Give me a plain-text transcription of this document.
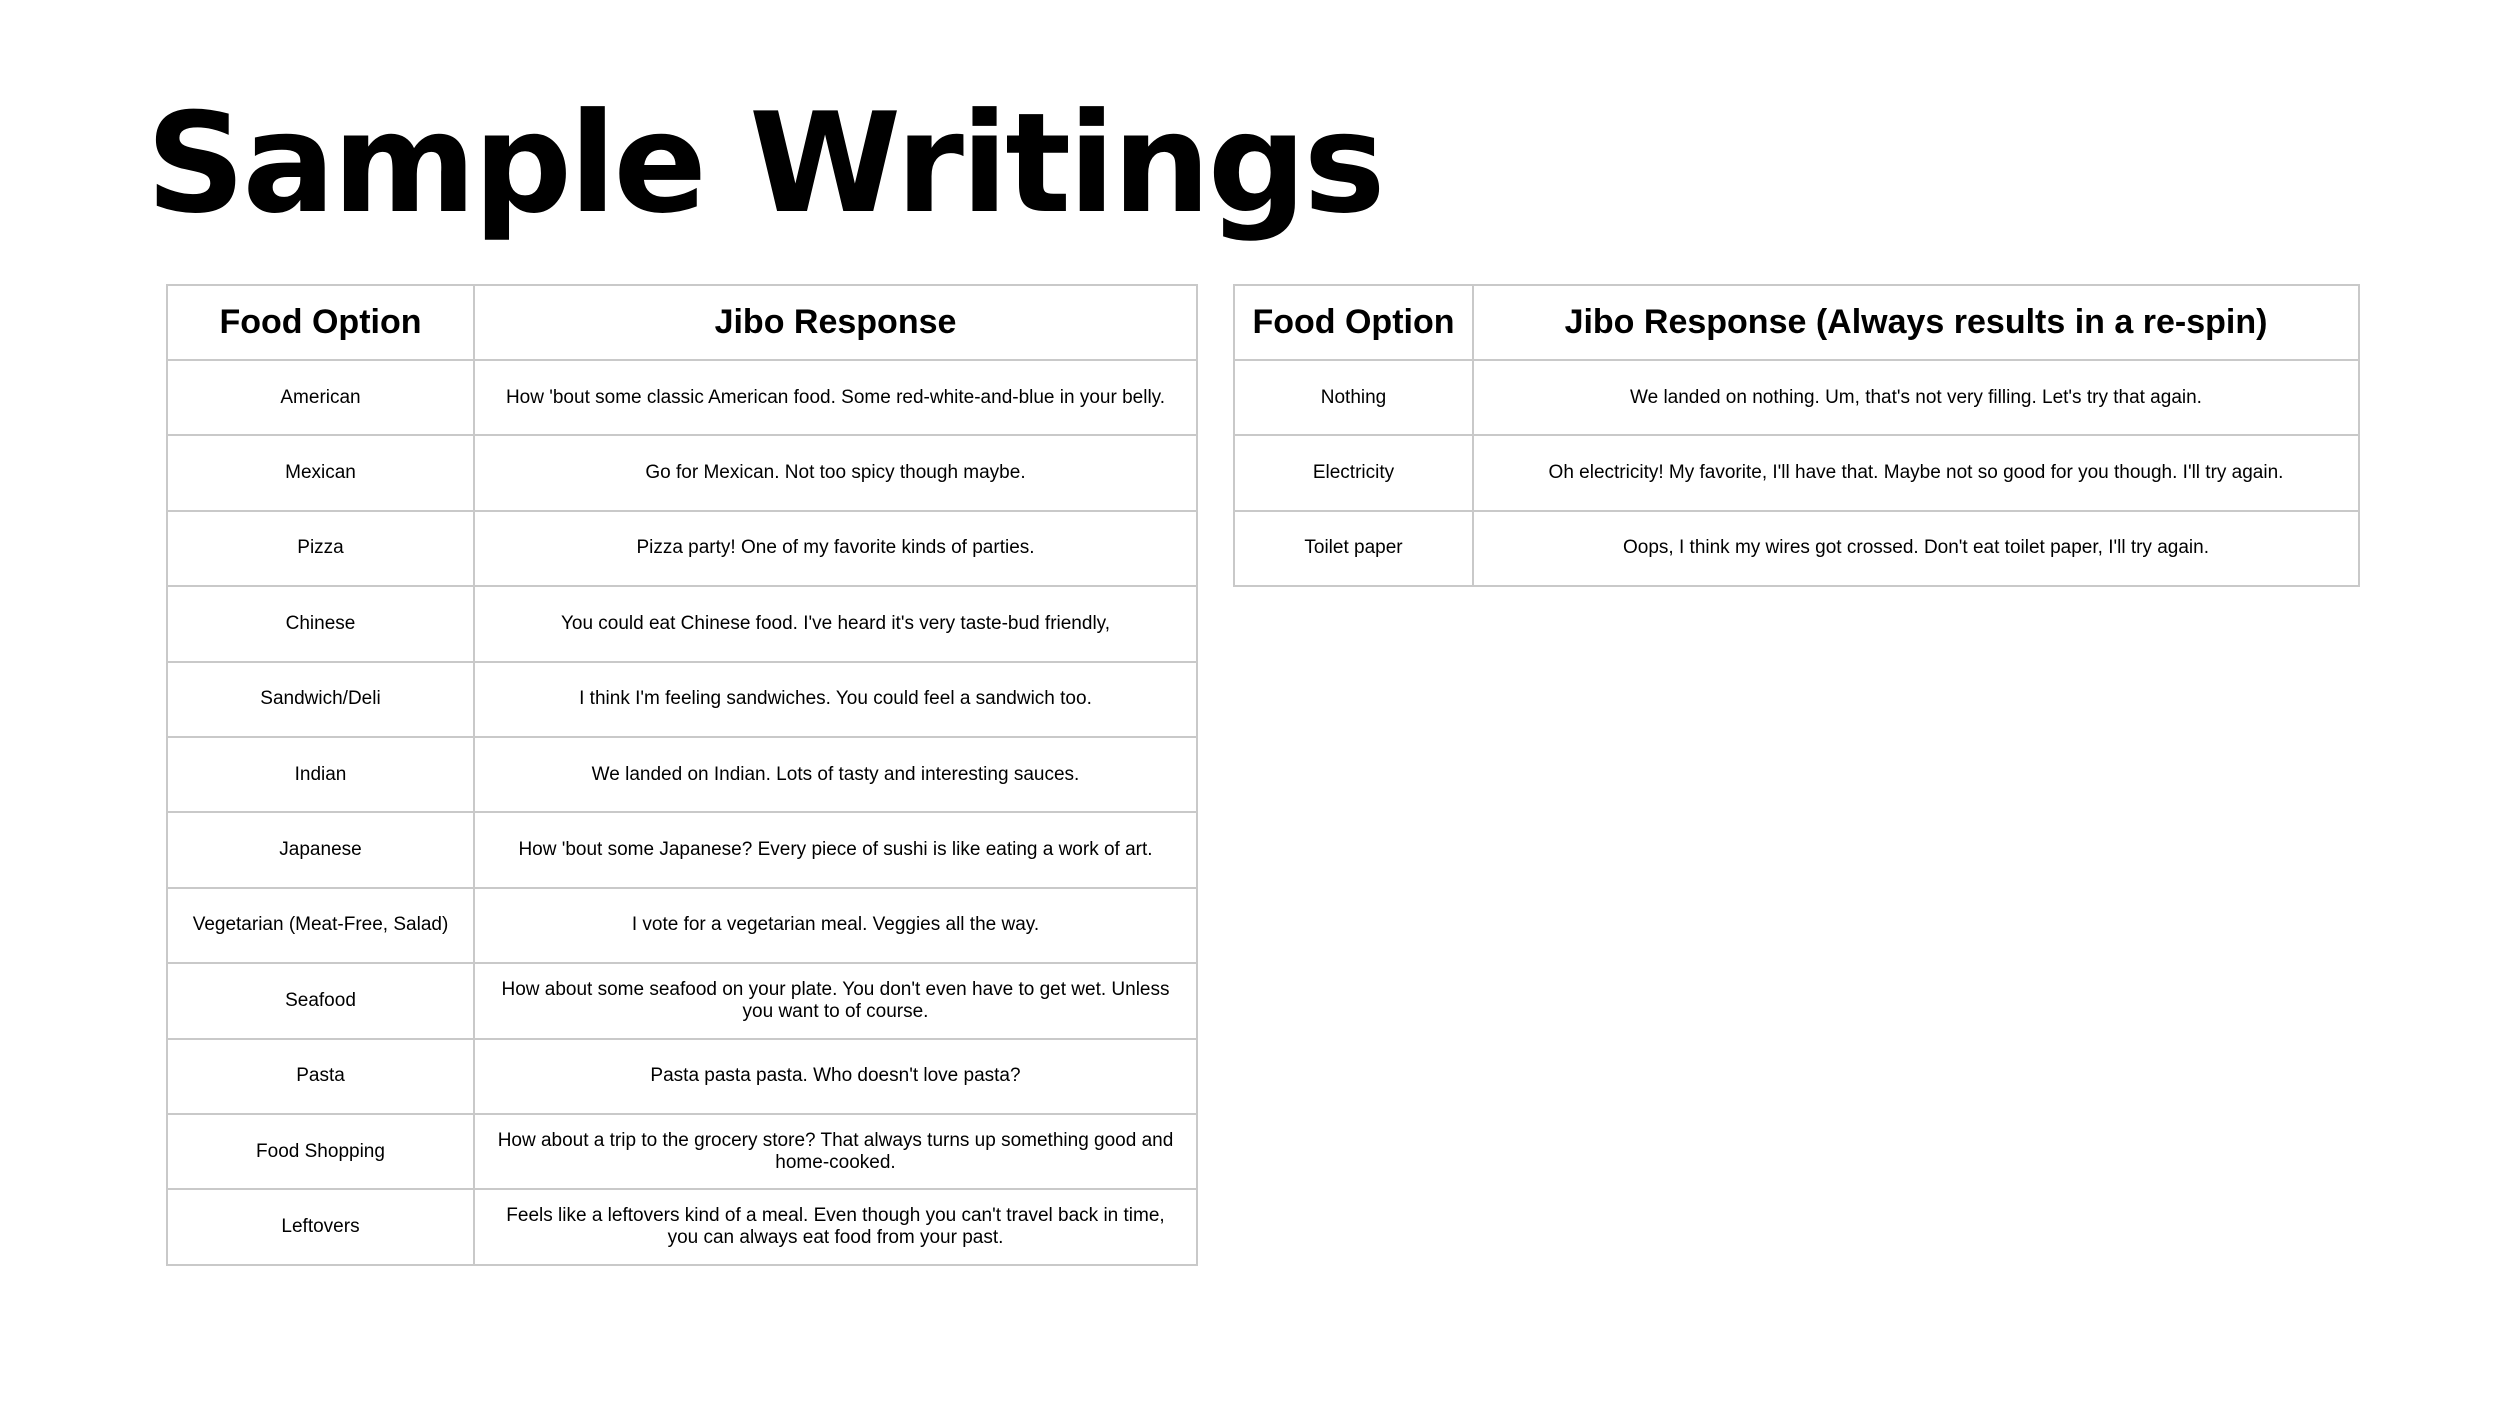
Sample Writings
Food Option	Jibo Response
American	How 'bout some classic American food. Some red-white-and-blue in your belly.
Mexican	Go for Mexican. Not too spicy though maybe.
Pizza	Pizza party! One of my favorite kinds of parties.
Chinese	You could eat Chinese food. I've heard it's very taste-bud friendly,
Sandwich/Deli	I think I'm feeling sandwiches. You could feel a sandwich too.
Indian	We landed on Indian. Lots of tasty and interesting sauces.
Japanese	How 'bout some Japanese? Every piece of sushi is like eating a work of art.
Vegetarian (Meat-Free, Salad)	I vote for a vegetarian meal. Veggies all the way.
Seafood	How about some seafood on your plate. You don't even have to get wet. Unless you want to of course.
Pasta	Pasta pasta pasta. Who doesn't love pasta?
Food Shopping	How about a trip to the grocery store? That always turns up something good and home-cooked.
Leftovers	Feels like a leftovers kind of a meal. Even though you can't travel back in time, you can always eat food from your past.
Food Option	Jibo Response (Always results in a re-spin)
Nothing	We landed on nothing. Um, that's not very filling. Let's try that again.
Electricity	Oh electricity! My favorite, I'll have that. Maybe not so good for you though. I'll try again.
Toilet paper	Oops, I think my wires got crossed. Don't eat toilet paper, I'll try again.
